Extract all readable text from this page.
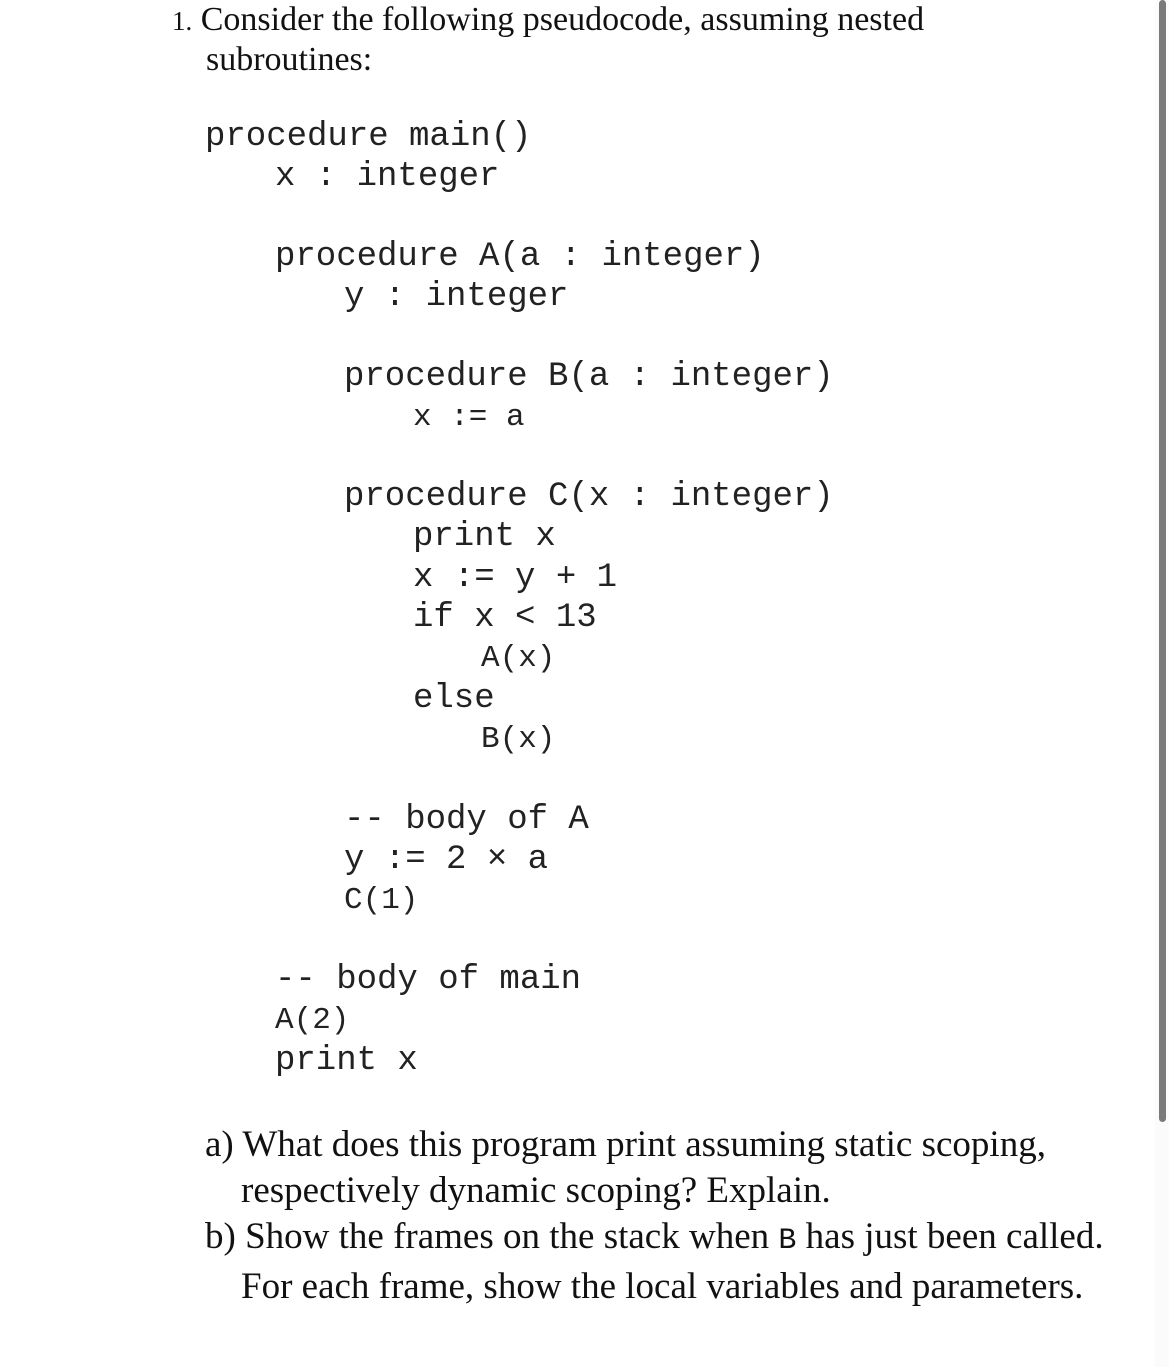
1. Consider the following pseudocode, assuming nested
subroutines:

procedure main()

x : integer

procedure A(a : integer)

y : integer

procedure B(a : integer)

x := a

procedure C(x : integer)

print x

x := y + 1

if x < 13

A(x)

else

B(x)

-- body of A

y := 2 × a

C(1)

-- body of main

A(2)

print x

a) What does this program print assuming static scoping, respectively dynamic scoping? Explain.
b) Show the frames on the stack when B has just been called. For each frame, show the local variables and parameters.
